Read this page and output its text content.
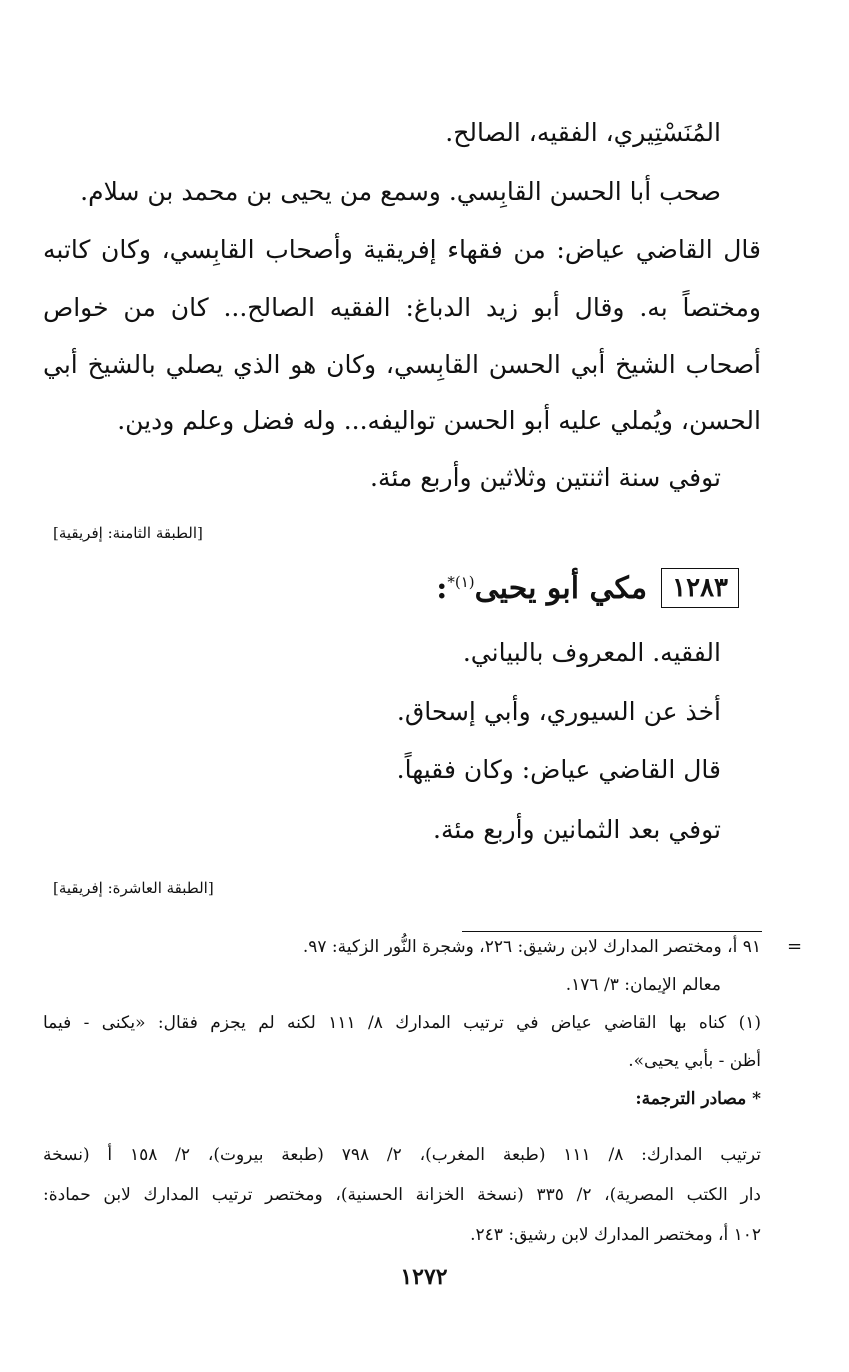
المُنَسْتِيري، الفقيه، الصالح.

صحب أبا الحسن القابِسي. وسمع من يحيى بن محمد بن سلام.

قال القاضي عياض: من فقهاء إفريقية وأصحاب القابِسي، وكان كاتبه

ومختصاً به. وقال أبو زيد الدباغ: الفقيه الصالح... كان من خواص

أصحاب الشيخ أبي الحسن القابِسي، وكان هو الذي يصلي بالشيخ أبي

الحسن، ويُملي عليه أبو الحسن تواليفه... وله فضل وعلم ودين.

توفي سنة اثنتين وثلاثين وأربع مئة.

[الطبقة الثامنة: إفريقية]
١٢٨٣
مكي أبو يحيى$^{(١)*}$:

الفقيه. المعروف بالبياني.

أخذ عن السيوري، وأبي إسحاق.

قال القاضي عياض: وكان فقيهاً.

توفي بعد الثمانين وأربع مئة.

[الطبقة العاشرة: إفريقية]
=

٩١ أ، ومختصر المدارك لابن رشيق: ٢٢٦، وشجرة النُّور الزكية: ٩٧.

معالم الإيمان: ٣/ ١٧٦.

(١) كناه بها القاضي عياض في ترتيب المدارك ٨/ ١١١ لكنه لم يجزم فقال: «يكنى - فيما

أظن - بأبي يحيى».

* مصادر الترجمة:

ترتيب المدارك: ٨/ ١١١ (طبعة المغرب)، ٢/ ٧٩٨ (طبعة بيروت)، ٢/ ١٥٨ أ (نسخة

دار الكتب المصرية)، ٢/ ٣٣٥ (نسخة الخزانة الحسنية)، ومختصر ترتيب المدارك لابن حمادة:

١٠٢ أ، ومختصر المدارك لابن رشيق: ٢٤٣.

١٢٧٢
